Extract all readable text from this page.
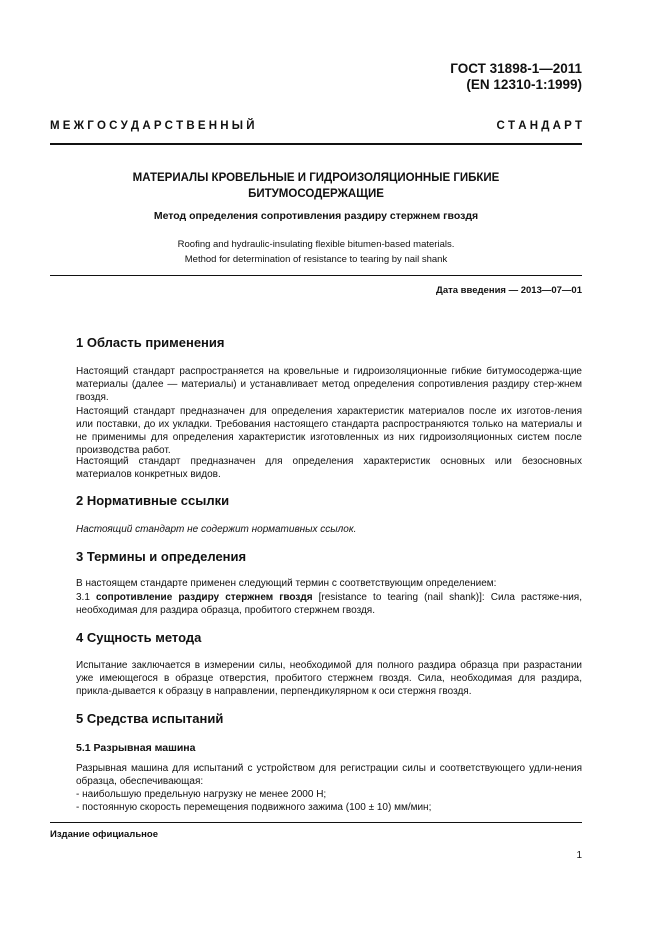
ГОСТ 31898-1—2011
(EN 12310-1:1999)
М Е Ж Г О С У Д А Р С Т В Е Н Н Ы Й	С Т А Н Д А Р Т
МАТЕРИАЛЫ КРОВЕЛЬНЫЕ И ГИДРОИЗОЛЯЦИОННЫЕ ГИБКИЕ
БИТУМОСОДЕРЖАЩИЕ
Метод определения сопротивления раздиру стержнем гвоздя
Roofing and hydraulic-insulating flexible bitumen-based materials.
Method for determination of resistance to tearing by nail shank
Дата введения — 2013—07—01
1 Область применения
Настоящий стандарт распространяется на кровельные и гидроизоляционные гибкие битумосодержа-щие материалы (далее — материалы) и устанавливает метод определения сопротивления раздиру стер-жнем гвоздя.
Настоящий стандарт предназначен для определения характеристик материалов после их изготов-ления или поставки, до их укладки. Требования настоящего стандарта распространяются только на материалы и не применимы для определения характеристик изготовленных из них гидроизоляционных систем после производства работ.
Настоящий стандарт предназначен для определения характеристик основных или безосновных материалов конкретных видов.
2 Нормативные ссылки
Настоящий стандарт не содержит нормативных ссылок.
3 Термины и определения
В настоящем стандарте применен следующий термин с соответствующим определением:
3.1 сопротивление раздиру стержнем гвоздя [resistance to tearing (nail shank)]: Сила растяже-ния, необходимая для раздира образца, пробитого стержнем гвоздя.
4 Сущность метода
Испытание заключается в измерении силы, необходимой для полного раздира образца при разрастании уже имеющегося в образце отверстия, пробитого стержнем гвоздя. Сила, необходимая для раздира, прикла-дывается к образцу в направлении, перпендикулярном к оси стержня гвоздя.
5 Средства испытаний
5.1 Разрывная машина
Разрывная машина для испытаний с устройством для регистрации силы и соответствующего удли-нения образца, обеспечивающая:
- наибольшую предельную нагрузку не менее 2000 Н;
- постоянную скорость перемещения подвижного зажима (100 ± 10) мм/мин;
Издание официальное
1
